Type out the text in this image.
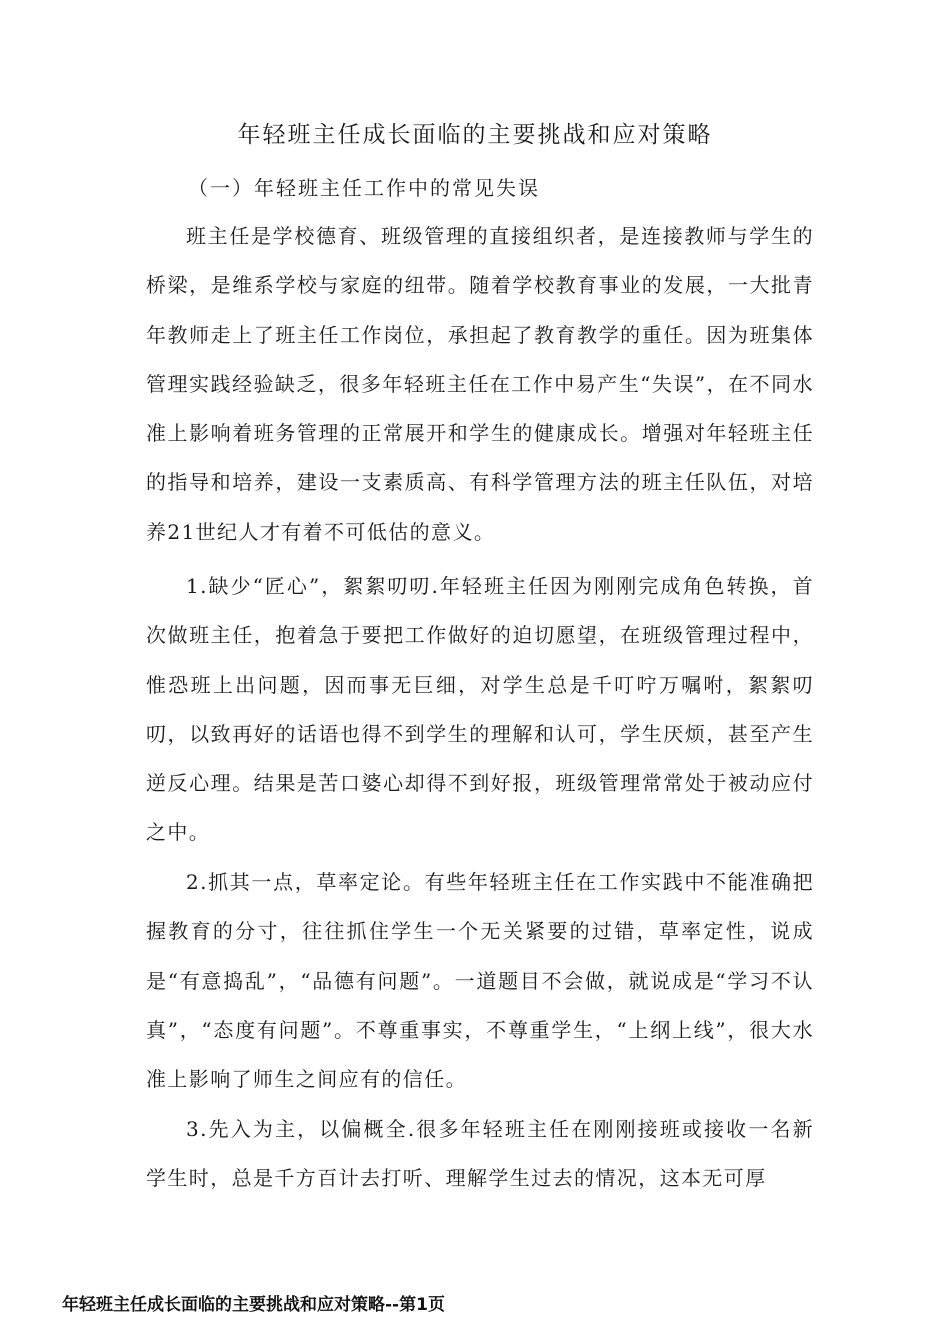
年轻班主任成长面临的主要挑战和应对策略
（一）年轻班主任工作中的常见失误

班主任是学校德育、班级管理的直接组织者，是连接教师与学生的桥梁，是维系学校与家庭的纽带。随着学校教育事业的发展，一大批青年教师走上了班主任工作岗位，承担起了教育教学的重任。因为班集体管理实践经验缺乏，很多年轻班主任在工作中易产生“失误”，在不同水准上影响着班务管理的正常展开和学生的健康成长。增强对年轻班主任的指导和培养，建设一支素质高、有科学管理方法的班主任队伍，对培养21世纪人才有着不可低估的意义。

1.缺少“匠心”，絮絮叨叨.年轻班主任因为刚刚完成角色转换，首次做班主任，抱着急于要把工作做好的迫切愿望，在班级管理过程中，惟恐班上出问题，因而事无巨细，对学生总是千叮咛万嘱咐，絮絮叨叨，以致再好的话语也得不到学生的理解和认可，学生厌烦，甚至产生逆反心理。结果是苦口婆心却得不到好报，班级管理常常处于被动应付之中。

2.抓其一点，草率定论。有些年轻班主任在工作实践中不能准确把握教育的分寸，往往抓住学生一个无关紧要的过错，草率定性，说成是“有意捣乱”，“品德有问题”。一道题目不会做，就说成是“学习不认真”，“态度有问题”。不尊重事实，不尊重学生，“上纲上线”，很大水准上影响了师生之间应有的信任。

3.先入为主，以偏概全.很多年轻班主任在刚刚接班或接收一名新学生时，总是千方百计去打听、理解学生过去的情况，这本无可厚

年轻班主任成长面临的主要挑战和应对策略--第1页
